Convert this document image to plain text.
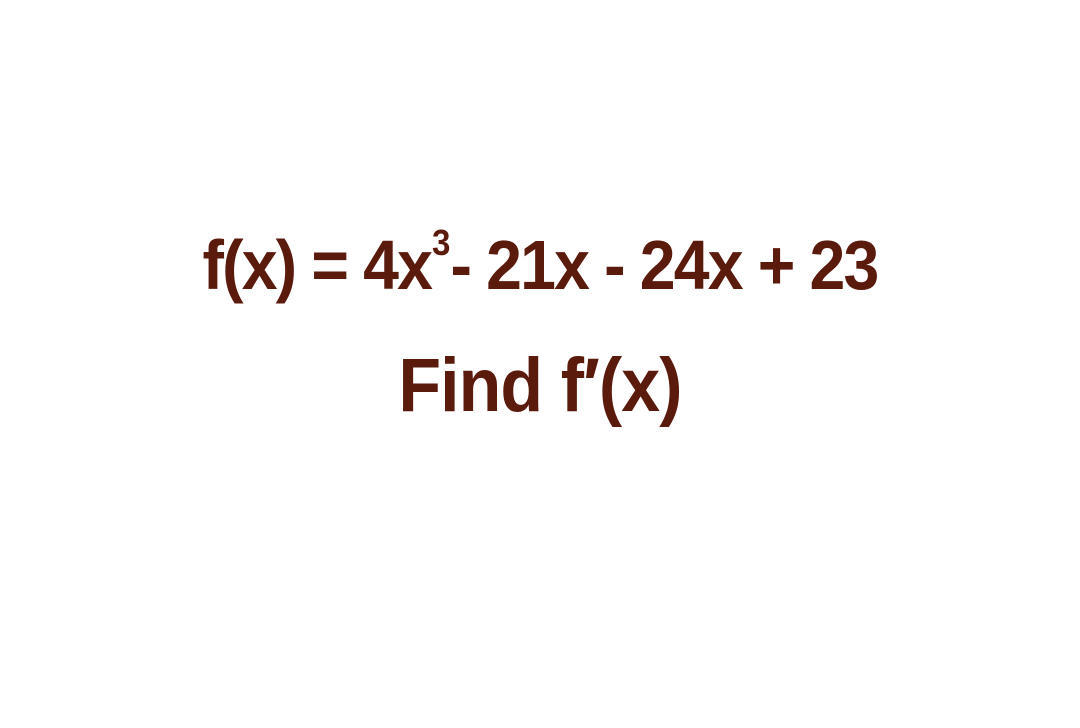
$f(x) = 4x^3-$ 21x - 24x + 23
Find f′(x)
